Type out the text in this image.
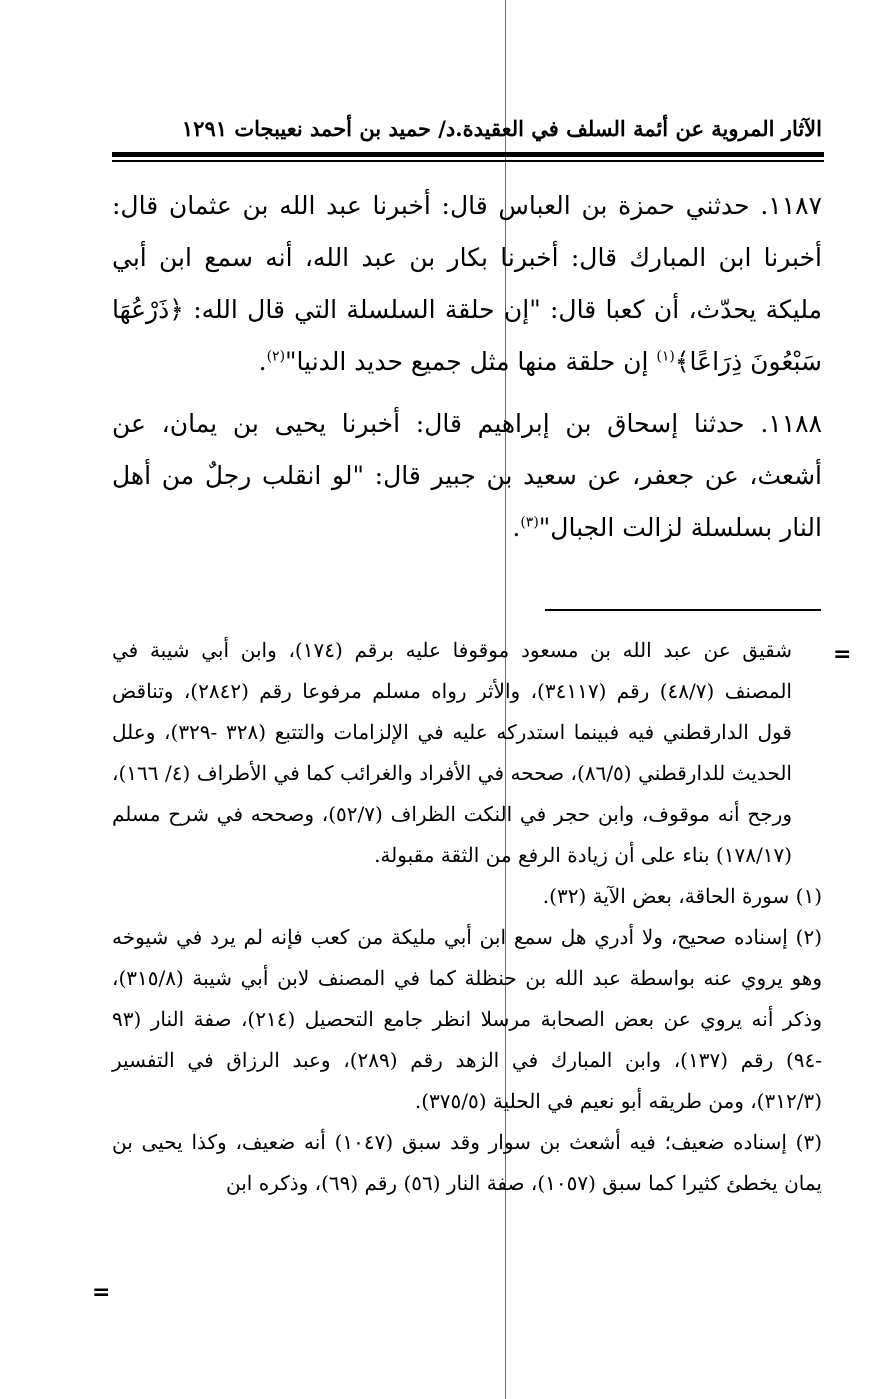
الآثار المروية عن أئمة السلف في العقيدة.د/ حميد بن أحمد نعيبجات ١٢٩١

١١٨٧. حدثني حمزة بن العباس قال: أخبرنا عبد الله بن عثمان قال: أخبرنا ابن المبارك قال: أخبرنا بكار بن عبد الله، أنه سمع ابن أبي مليكة يحدّث، أن كعبا قال: "إن حلقة السلسلة التي قال الله: ﴿ذَرْعُهَا سَبْعُونَ ذِرَاعًا﴾$^{(١)}$ إن حلقة منها مثل جميع حديد الدنيا"$^{(٢)}$.

١١٨٨. حدثنا إسحاق بن إبراهيم قال: أخبرنا يحيى بن يمان، عن أشعث، عن جعفر، عن سعيد بن جبير قال: "لو انقلب رجلٌ من أهل النار بسلسلة لزالت الجبال"$^{(٣)}$.

=

شقيق عن عبد الله بن مسعود موقوفا عليه برقم (١٧٤)، وابن أبي شيبة في المصنف (٤٨/٧) رقم (٣٤١١٧)، والأثر رواه مسلم مرفوعا رقم (٢٨٤٢)، وتناقض قول الدارقطني فيه فبينما استدركه عليه في الإلزامات والتتبع (٣٢٨ -٣٢٩)، وعلل الحديث للدارقطني (٨٦/٥)، صححه في الأفراد والغرائب كما في الأطراف (٤/ ١٦٦)، ورجح أنه موقوف، وابن حجر في النكت الظراف (٥٢/٧)، وصححه في شرح مسلم (١٧٨/١٧) بناء على أن زيادة الرفع من الثقة مقبولة.

(١) سورة الحاقة، بعض الآية (٣٢).

(٢) إسناده صحيح، ولا أدري هل سمع ابن أبي مليكة من كعب فإنه لم يرد في شيوخه وهو يروي عنه بواسطة عبد الله بن حنظلة كما في المصنف لابن أبي شيبة (٣١٥/٨)، وذكر أنه يروي عن بعض الصحابة مرسلا انظر جامع التحصيل (٢١٤)، صفة النار (٩٣ -٩٤) رقم (١٣٧)، وابن المبارك في الزهد رقم (٢٨٩)، وعبد الرزاق في التفسير (٣١٢/٣)، ومن طريقه أبو نعيم في الحلية (٣٧٥/٥).

(٣) إسناده ضعيف؛ فيه أشعث بن سوار وقد سبق (١٠٤٧) أنه ضعيف، وكذا يحيى بن يمان يخطئ كثيرا كما سبق (١٠٥٧)، صفة النار (٥٦) رقم (٦٩)، وذكره ابن

=
